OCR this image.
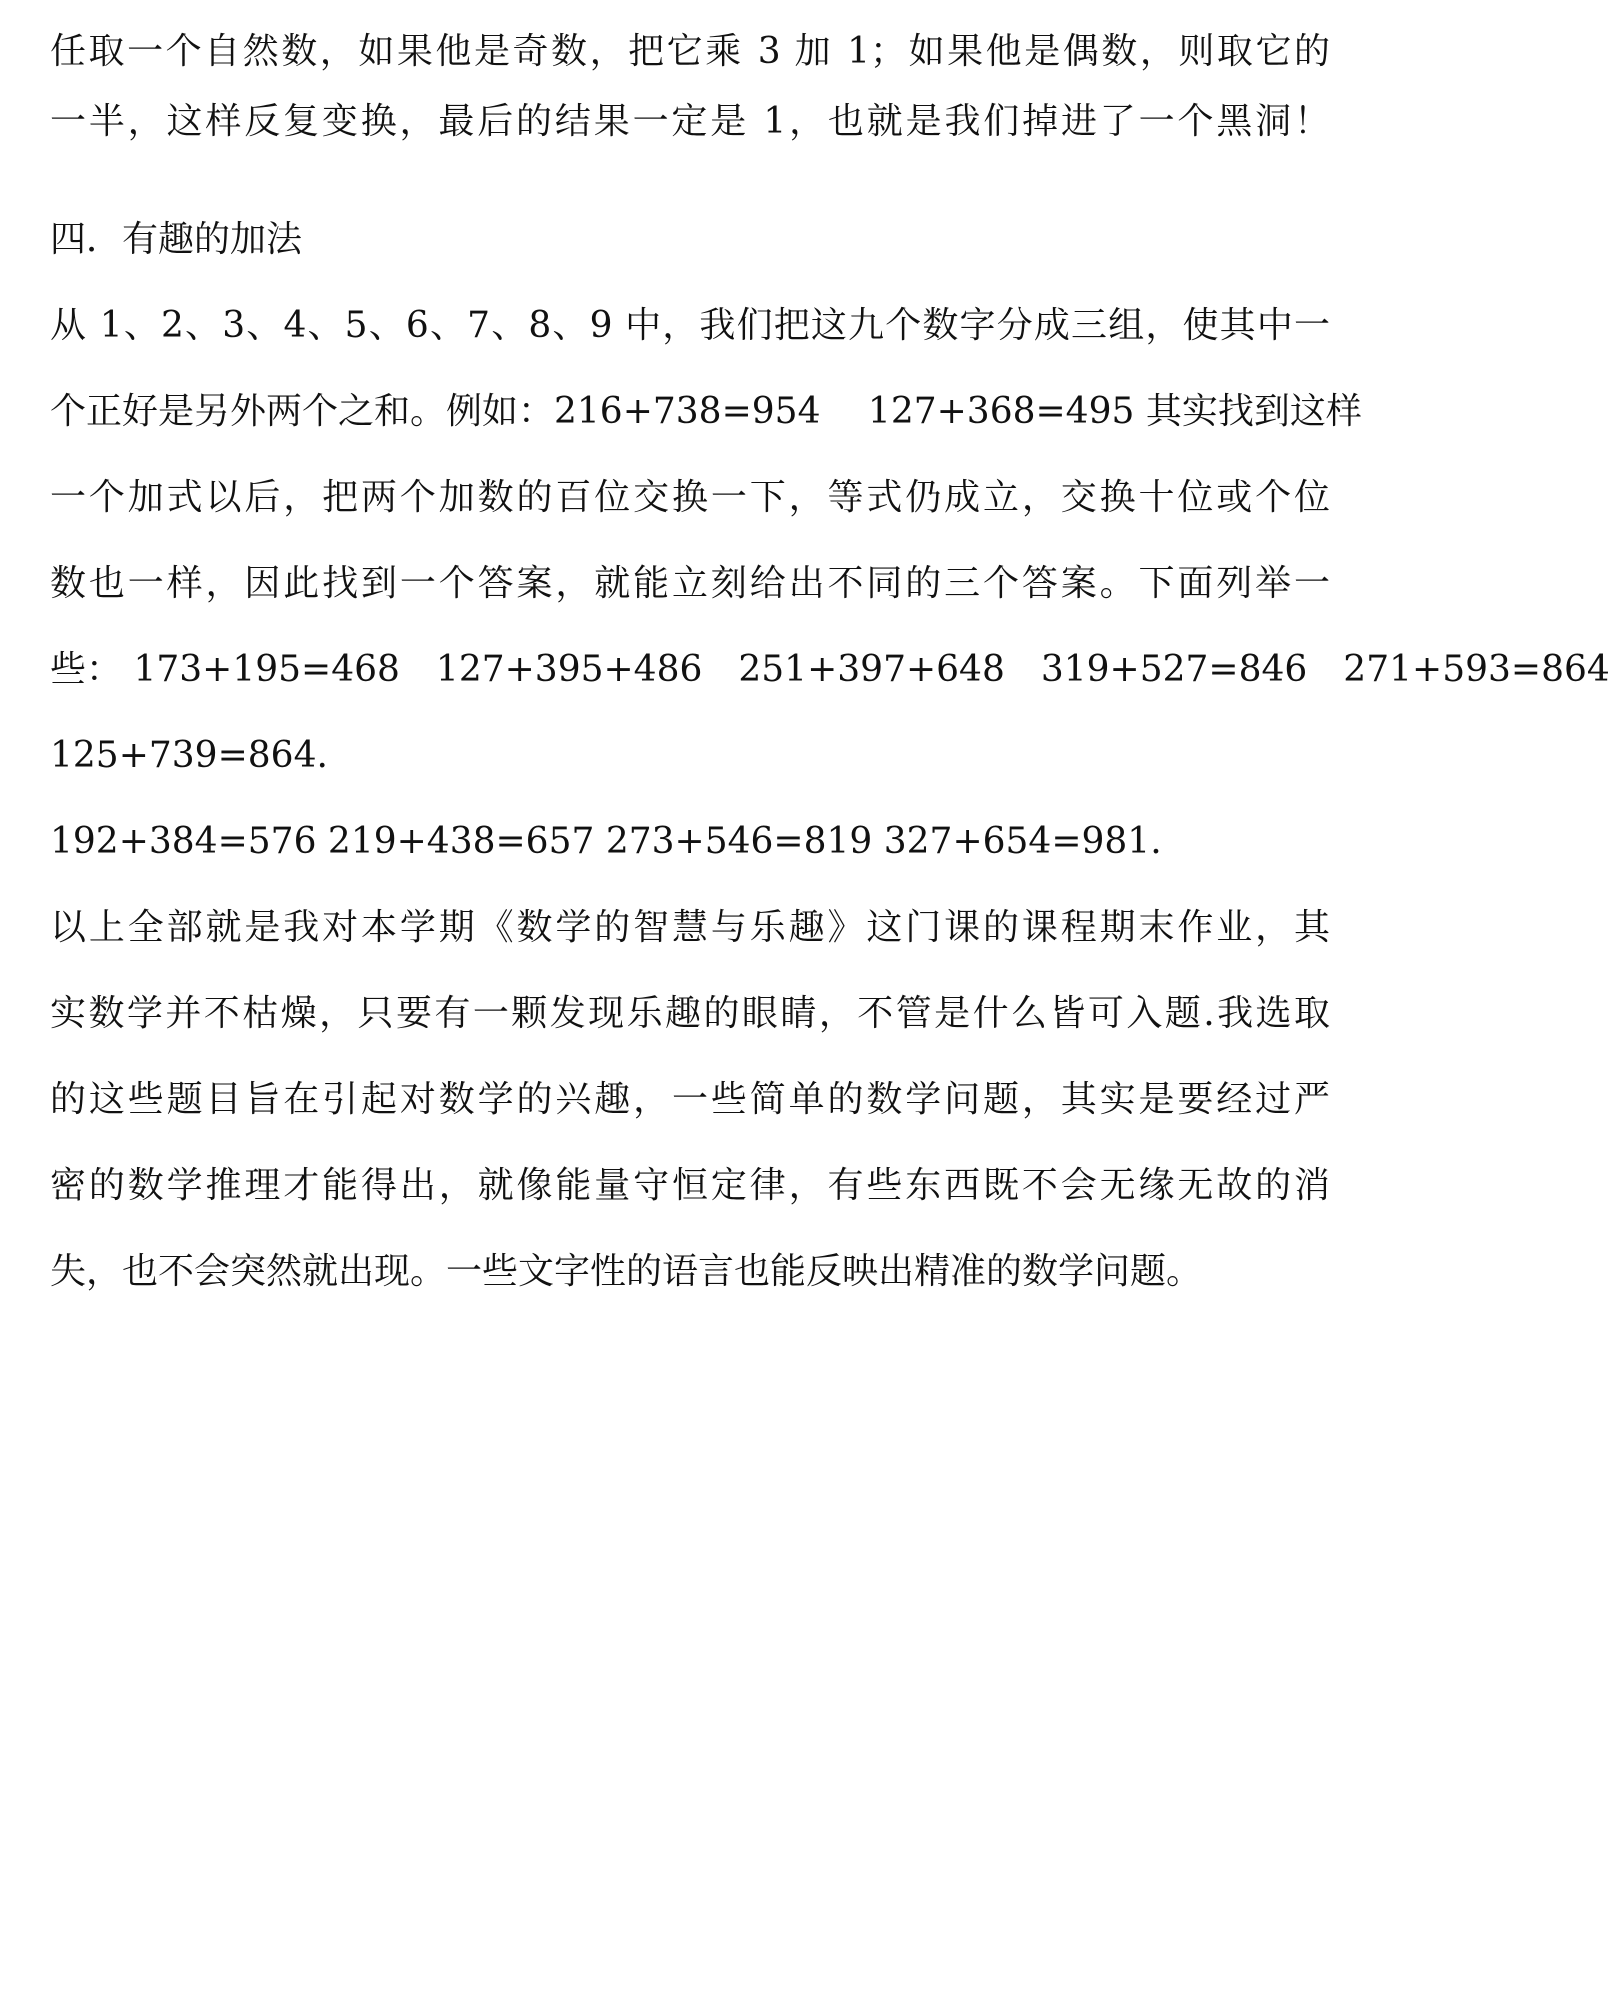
任取一个自然数，如果他是奇数，把它乘 3 加 1；如果他是偶数，则取它的
一半，这样反复变换，最后的结果一定是 1，也就是我们掉进了一个黑洞！
四．有趣的加法
从 1、2、3、4、5、6、7、8、9 中，我们把这九个数字分成三组，使其中一
个正好是另外两个之和。例如：216+738=954　 127+368=495 其实找到这样
一个加式以后，把两个加数的百位交换一下，等式仍成立，交换十位或个位
数也一样，因此找到一个答案，就能立刻给出不同的三个答案。下面列举一
些： 173+195=468　127+395+486　251+397+648　319+527=846　271+593=864
125+739=864.
192+384=576 219+438=657 273+546=819 327+654=981.
以上全部就是我对本学期《数学的智慧与乐趣》这门课的课程期末作业，其
实数学并不枯燥，只要有一颗发现乐趣的眼睛，不管是什么皆可入题.我选取
的这些题目旨在引起对数学的兴趣，一些简单的数学问题，其实是要经过严
密的数学推理才能得出，就像能量守恒定律，有些东西既不会无缘无故的消
失，也不会突然就出现。一些文字性的语言也能反映出精准的数学问题。
